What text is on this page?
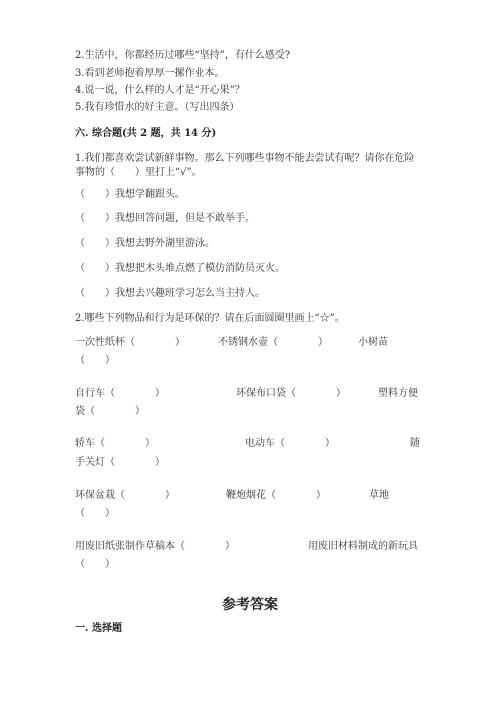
2.生活中，你都经历过哪些“坚持”，有什么感受?
3.看到老师抱着厚厚一摞作业本。
4.说一说，什么样的人才是“开心果”？
5.我有珍惜水的好主意。（写出四条）
六. 综合题(共 2 题，共 14 分)
1.我们都喜欢尝试新鲜事物。那么下列哪些事物不能去尝试有呢？请你在危险
事物的（　　）里打上“√”。
（　　）我想学翻跟头。
（　　）我想回答问题，但是不敢举手。
（　　）我想去野外湖里游泳。
（　　）我想把木头堆点燃了模仿消防员灭火。
（　　）我想去兴趣班学习怎么当主持人。
2.哪些下列物品和行为是环保的？请在后面圆圈里画上“☆”。
一次性纸杯（　　　　）	不锈钢水壶（　　　　）	小树苗
（　　）
自行车（　　　　）	环保布口袋（　　　　）	塑料方便
袋（　　　　）
轿车（　　　　）	电动车（　　　　）	随
手关灯（　　　　）
环保盆栽（　　　　）	鞭炮烟花（　　　　）	草地
（　　）
用废旧纸张制作草稿本（　　　　）	用废旧材料制成的新玩具
（　　）
参考答案
一. 选择题
